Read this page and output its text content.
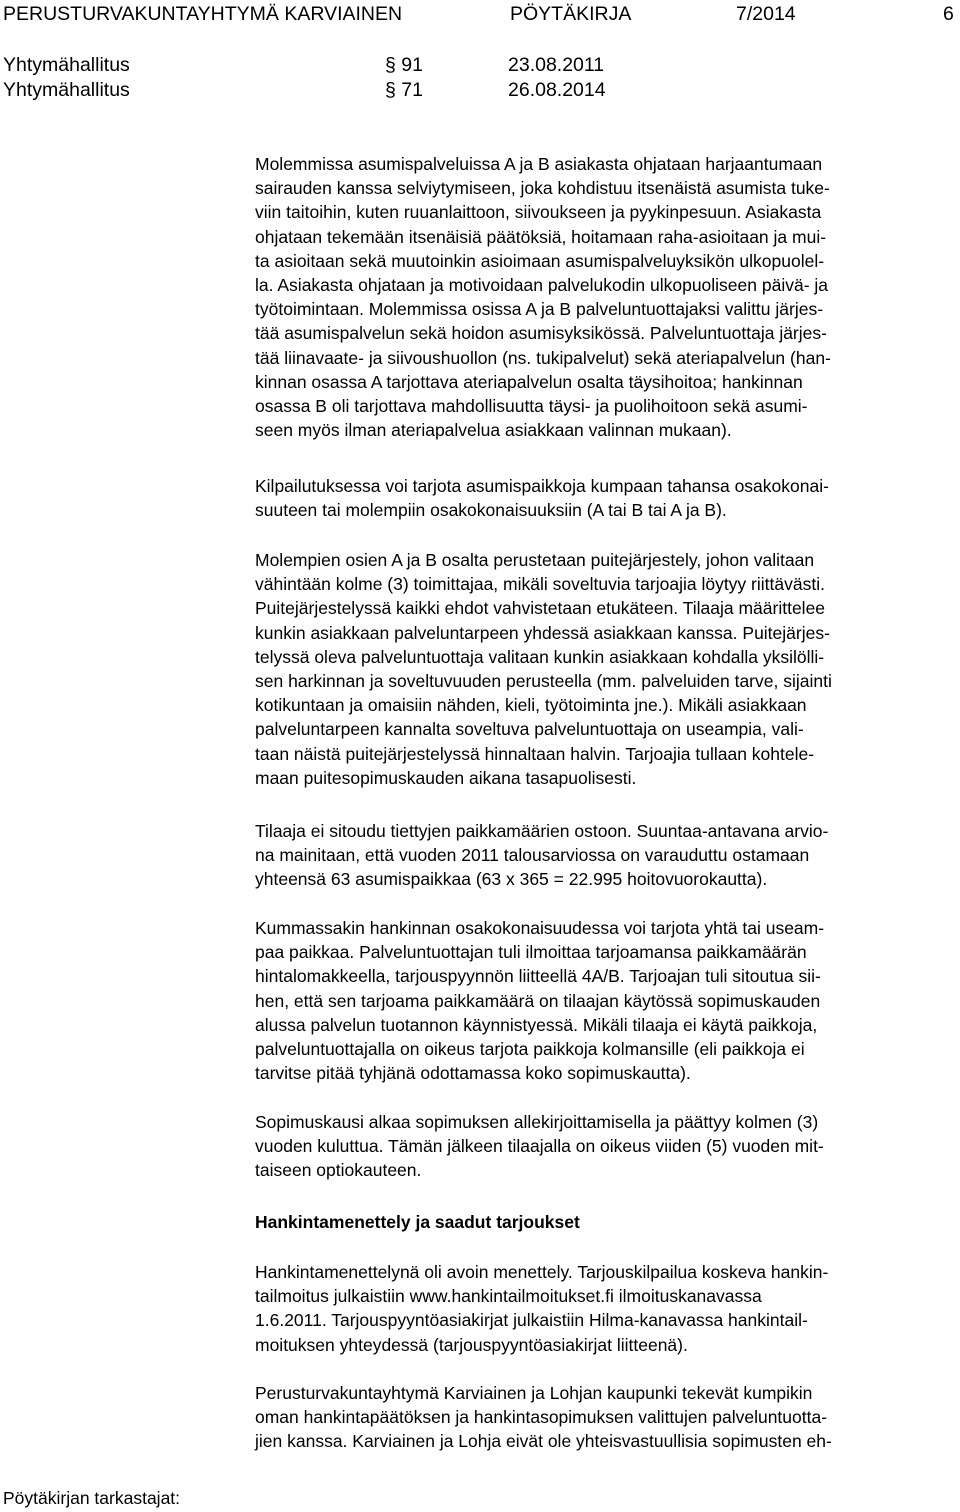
PERUSTURVAKUNTAYHTYMÄ KARVIAINEN	PÖYTÄKIRJA	7/2014	6
Yhtymähallitus	§ 91	23.08.2011
Yhtymähallitus	§ 71	26.08.2014
Molemmissa asumispalveluissa A ja B asiakasta ohjataan harjaantumaan
sairauden kanssa selviytymiseen, joka kohdistuu itsenäistä asumista tuke-
viin taitoihin, kuten ruuanlaittoon, siivoukseen ja pyykinpesuun. Asiakasta
ohjataan tekemään itsenäisiä päätöksiä, hoitamaan raha-asioitaan ja mui-
ta asioitaan sekä muutoinkin asioimaan asumispalveluyksikön ulkopuolel-
la. Asiakasta ohjataan ja motivoidaan palvelukodin ulkopuoliseen päivä- ja
työtoimintaan. Molemmissa osissa A ja B palveluntuottajaksi valittu järjes-
tää asumispalvelun sekä hoidon asumisyksikössä. Palveluntuottaja järjes-
tää liinavaate- ja siivoushuollon (ns. tukipalvelut) sekä ateriapalvelun (han-
kinnan osassa A tarjottava ateriapalvelun osalta täysihoitoa; hankinnan
osassa B oli tarjottava mahdollisuutta täysi- ja puolihoitoon sekä asumi-
seen myös ilman ateriapalvelua asiakkaan valinnan mukaan).
Kilpailutuksessa voi tarjota asumispaikkoja kumpaan tahansa osakokonai-
suuteen tai molempiin osakokonaisuuksiin (A tai B tai A ja B).
Molempien osien A ja B osalta perustetaan puitejärjestely, johon valitaan
vähintään kolme (3) toimittajaa, mikäli soveltuvia tarjoajia löytyy riittävästi.
Puitejärjestelyssä kaikki ehdot vahvistetaan etukäteen. Tilaaja määrittelee
kunkin asiakkaan palveluntarpeen yhdessä asiakkaan kanssa. Puitejärjes-
telyssä oleva palveluntuottaja valitaan kunkin asiakkaan kohdalla yksilölli-
sen harkinnan ja soveltuvuuden perusteella (mm. palveluiden tarve, sijainti
kotikuntaan ja omaisiin nähden, kieli, työtoiminta jne.). Mikäli asiakkaan
palveluntarpeen kannalta soveltuva palveluntuottaja on useampia, vali-
taan näistä puitejärjestelyssä hinnaltaan halvin. Tarjoajia tullaan kohtele-
maan puitesopimuskauden aikana tasapuolisesti.
Tilaaja ei sitoudu tiettyjen paikkamäärien ostoon. Suuntaa-antavana arvio-
na mainitaan, että vuoden 2011 talousarviossa on varauduttu ostamaan
yhteensä 63 asumispaikkaa (63 x 365 = 22.995 hoitovuorokautta).
Kummassakin hankinnan osakokonaisuudessa voi tarjota yhtä tai useam-
paa paikkaa. Palveluntuottajan tuli ilmoittaa tarjoamansa paikkamäärän
hintalomakkeella, tarjouspyynnön liitteellä 4A/B. Tarjoajan tuli sitoutua sii-
hen, että sen tarjoama paikkamäärä on tilaajan käytössä sopimuskauden
alussa palvelun tuotannon käynnistyessä. Mikäli tilaaja ei käytä paikkoja,
palveluntuottajalla on oikeus tarjota paikkoja kolmansille (eli paikkoja ei
tarvitse pitää tyhjänä odottamassa koko sopimuskautta).
Sopimuskausi alkaa sopimuksen allekirjoittamisella ja päättyy kolmen (3)
vuoden kuluttua. Tämän jälkeen tilaajalla on oikeus viiden (5) vuoden mit-
taiseen optiokauteen.
Hankintamenettely ja saadut tarjoukset
Hankintamenettelynä oli avoin menettely. Tarjouskilpailua koskeva hankin-
tailmoitus julkaistiin www.hankintailmoitukset.fi ilmoituskanavassa
1.6.2011. Tarjouspyyntöasiakirjat julkaistiin Hilma-kanavassa hankintail-
moituksen yhteydessä (tarjouspyyntöasiakirjat liitteenä).
Perusturvakuntayhtymä Karviainen ja Lohjan kaupunki tekevät kumpikin
oman hankintapäätöksen ja hankintasopimuksen valittujen palveluntuotta-
jien kanssa. Karviainen ja Lohja eivät ole yhteisvastuullisia sopimusten eh-
Pöytäkirjan tarkastajat:
